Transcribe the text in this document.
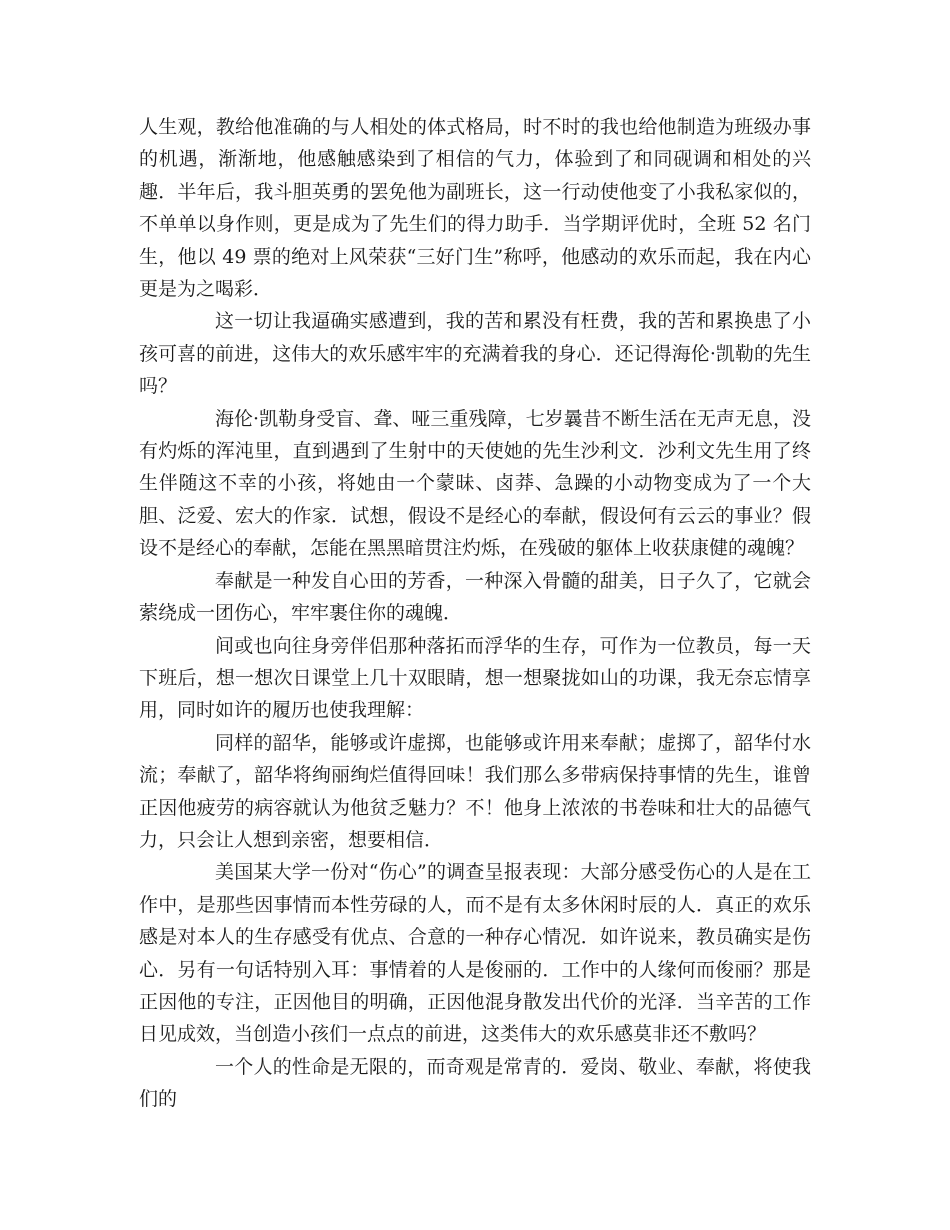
人生观，教给他准确的与人相处的体式格局，时不时的我也给他制造为班级办事的机遇，渐渐地，他感触感染到了相信的气力，体验到了和同砚调和相处的兴趣．半年后，我斗胆英勇的罢免他为副班长，这一行动使他变了小我私家似的，不单单以身作则，更是成为了先生们的得力助手．当学期评优时，全班 52 名门生，他以 49 票的绝对上风荣获“三好门生”称呼，他感动的欢乐而起，我在内心更是为之喝彩．

这一切让我逼确实感遭到，我的苦和累没有枉费，我的苦和累换患了小孩可喜的前进，这伟大的欢乐感牢牢的充满着我的身心．还记得海伦·凯勒的先生吗？

海伦·凯勒身受盲、聋、哑三重残障，七岁曩昔不断生活在无声无息，没有灼烁的浑沌里，直到遇到了生射中的天使她的先生沙利文．沙利文先生用了终生伴随这不幸的小孩，将她由一个蒙昧、卤莽、急躁的小动物变成为了一个大胆、泛爱、宏大的作家．试想，假设不是经心的奉献，假设何有云云的事业？假设不是经心的奉献，怎能在黑黑暗贯注灼烁，在残破的躯体上收获康健的魂魄？

奉献是一种发自心田的芳香，一种深入骨髓的甜美，日子久了，它就会萦绕成一团伤心，牢牢裹住你的魂魄．

间或也向往身旁伴侣那种落拓而浮华的生存，可作为一位教员，每一天下班后，想一想次日课堂上几十双眼睛，想一想聚拢如山的功课，我无奈忘情享用，同时如许的履历也使我理解：

同样的韶华，能够或许虚掷，也能够或许用来奉献；虚掷了，韶华付水流；奉献了，韶华将绚丽绚烂值得回味！我们那么多带病保持事情的先生，谁曾正因他疲劳的病容就认为他贫乏魅力？不！他身上浓浓的书卷味和壮大的品德气力，只会让人想到亲密，想要相信．

美国某大学一份对“伤心”的调查呈报表现：大部分感受伤心的人是在工作中，是那些因事情而本性劳碌的人，而不是有太多休闲时辰的人．真正的欢乐感是对本人的生存感受有优点、合意的一种存心情况．如许说来，教员确实是伤心．另有一句话特别入耳：事情着的人是俊丽的．工作中的人缘何而俊丽？那是正因他的专注，正因他目的明确，正因他混身散发出代价的光泽．当辛苦的工作日见成效，当创造小孩们一点点的前进，这类伟大的欢乐感莫非还不敷吗？

一个人的性命是无限的，而奇观是常青的．爱岗、敬业、奉献，将使我们的
